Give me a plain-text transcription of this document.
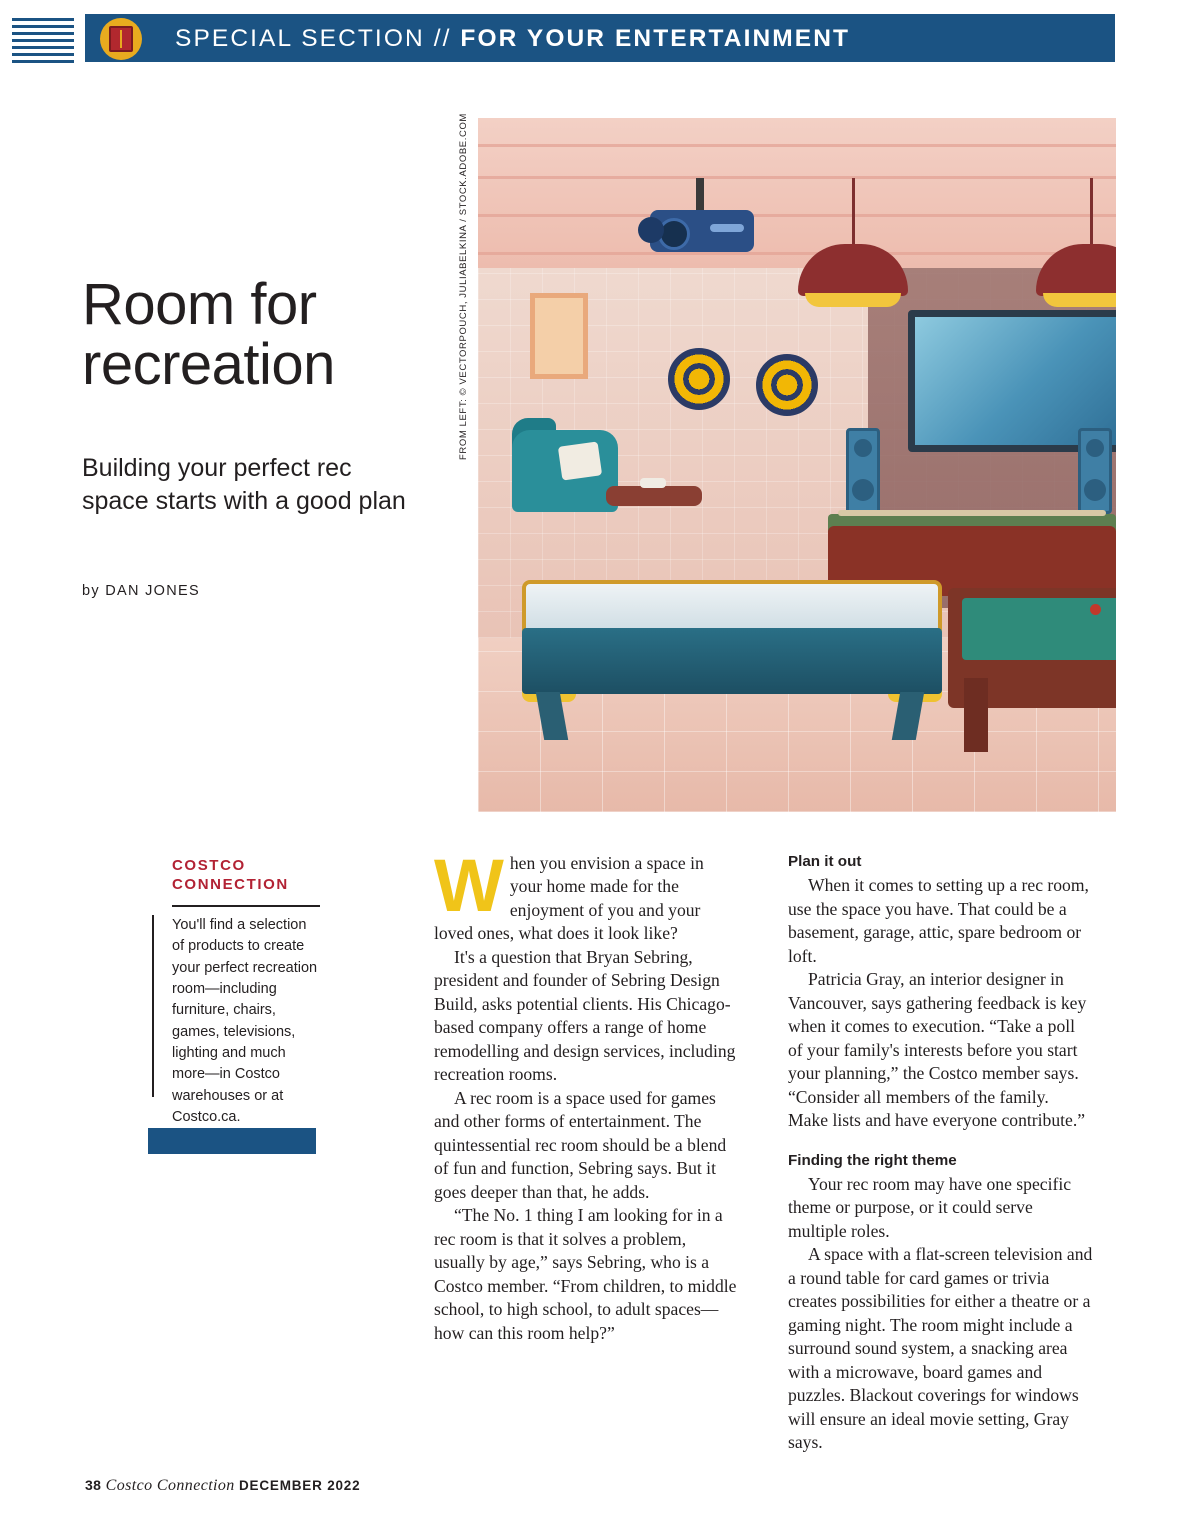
SPECIAL SECTION // FOR YOUR ENTERTAINMENT
Room for recreation
Building your perfect rec space starts with a good plan
by DAN JONES
FROM LEFT: © VECTORPOUCH, JULIABELKINA / STOCK.ADOBE.COM
COSTCO CONNECTION
You'll find a selection of products to create your perfect recreation room—including furniture, chairs, games, televisions, lighting and much more—in Costco warehouses or at Costco.ca.
W hen you envision a space in your home made for the enjoyment of you and your loved ones, what does it look like?

It's a question that Bryan Sebring, president and founder of Sebring Design Build, asks potential clients. His Chicago-based company offers a range of home remodelling and design services, including recreation rooms.

A rec room is a space used for games and other forms of entertainment. The quintessential rec room should be a blend of fun and function, Sebring says. But it goes deeper than that, he adds.

“The No. 1 thing I am looking for in a rec room is that it solves a problem, usually by age,” says Sebring, who is a Costco member. “From children, to middle school, to high school, to adult spaces—how can this room help?”

Plan it out

When it comes to setting up a rec room, use the space you have. That could be a basement, garage, attic, spare bedroom or loft.

Patricia Gray, an interior designer in Vancouver, says gathering feedback is key when it comes to execution. “Take a poll of your family's interests before you start your planning,” the Costco member says. “Consider all members of the family. Make lists and have everyone contribute.”

Finding the right theme

Your rec room may have one specific theme or purpose, or it could serve multiple roles.

A space with a flat-screen television and a round table for card games or trivia creates possibilities for either a theatre or a gaming night. The room might include a surround sound system, a snacking area with a microwave, board games and puzzles. Blackout coverings for windows will ensure an ideal movie setting, Gray says.

38 Costco Connection DECEMBER 2022
